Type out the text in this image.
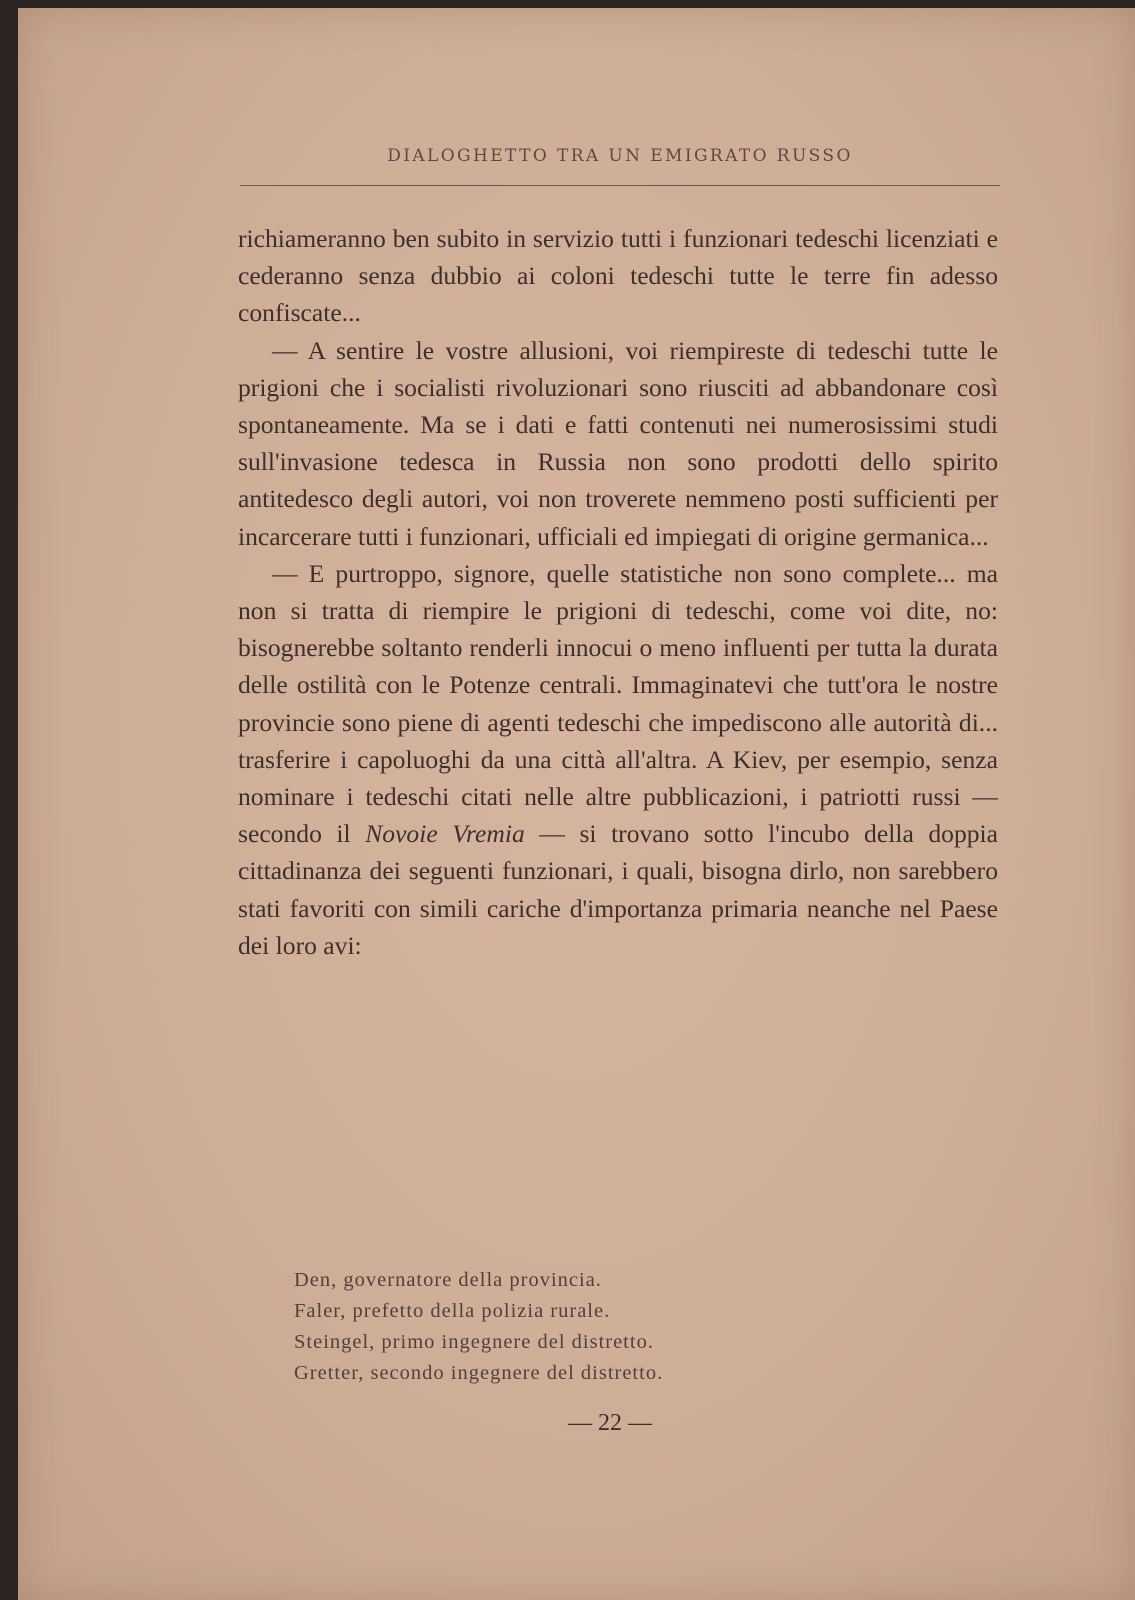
DIALOGHETTO TRA UN EMIGRATO RUSSO

richiameranno ben subito in servizio tutti i funzionari tedeschi licenziati e cederanno senza dubbio ai coloni tedeschi tutte le terre fin adesso confiscate...

— A sentire le vostre allusioni, voi riempireste di tedeschi tutte le prigioni che i socialisti rivoluzionari sono riusciti ad abbandonare così spontaneamente. Ma se i dati e fatti contenuti nei numerosissimi studi sull'invasione tedesca in Russia non sono prodotti dello spirito antitedesco degli autori, voi non troverete nemmeno posti sufficienti per incarcerare tutti i funzionari, ufficiali ed impiegati di origine germanica...

— E purtroppo, signore, quelle statistiche non sono complete... ma non si tratta di riempire le prigioni di tedeschi, come voi dite, no: bisognerebbe soltanto renderli innocui o meno influenti per tutta la durata delle ostilità con le Potenze centrali. Immaginatevi che tutt'ora le nostre provincie sono piene di agenti tedeschi che impediscono alle autorità di... trasferire i capoluoghi da una città all'altra. A Kiev, per esempio, senza nominare i tedeschi citati nelle altre pubblicazioni, i patriotti russi — secondo il Novoie Vremia — si trovano sotto l'incubo della doppia cittadinanza dei seguenti funzionari, i quali, bisogna dirlo, non sarebbero stati favoriti con simili cariche d'importanza primaria neanche nel Paese dei loro avi:

Den, governatore della provincia.
Faler, prefetto della polizia rurale.
Steingel, primo ingegnere del distretto.
Gretter, secondo ingegnere del distretto.
— 22 —
